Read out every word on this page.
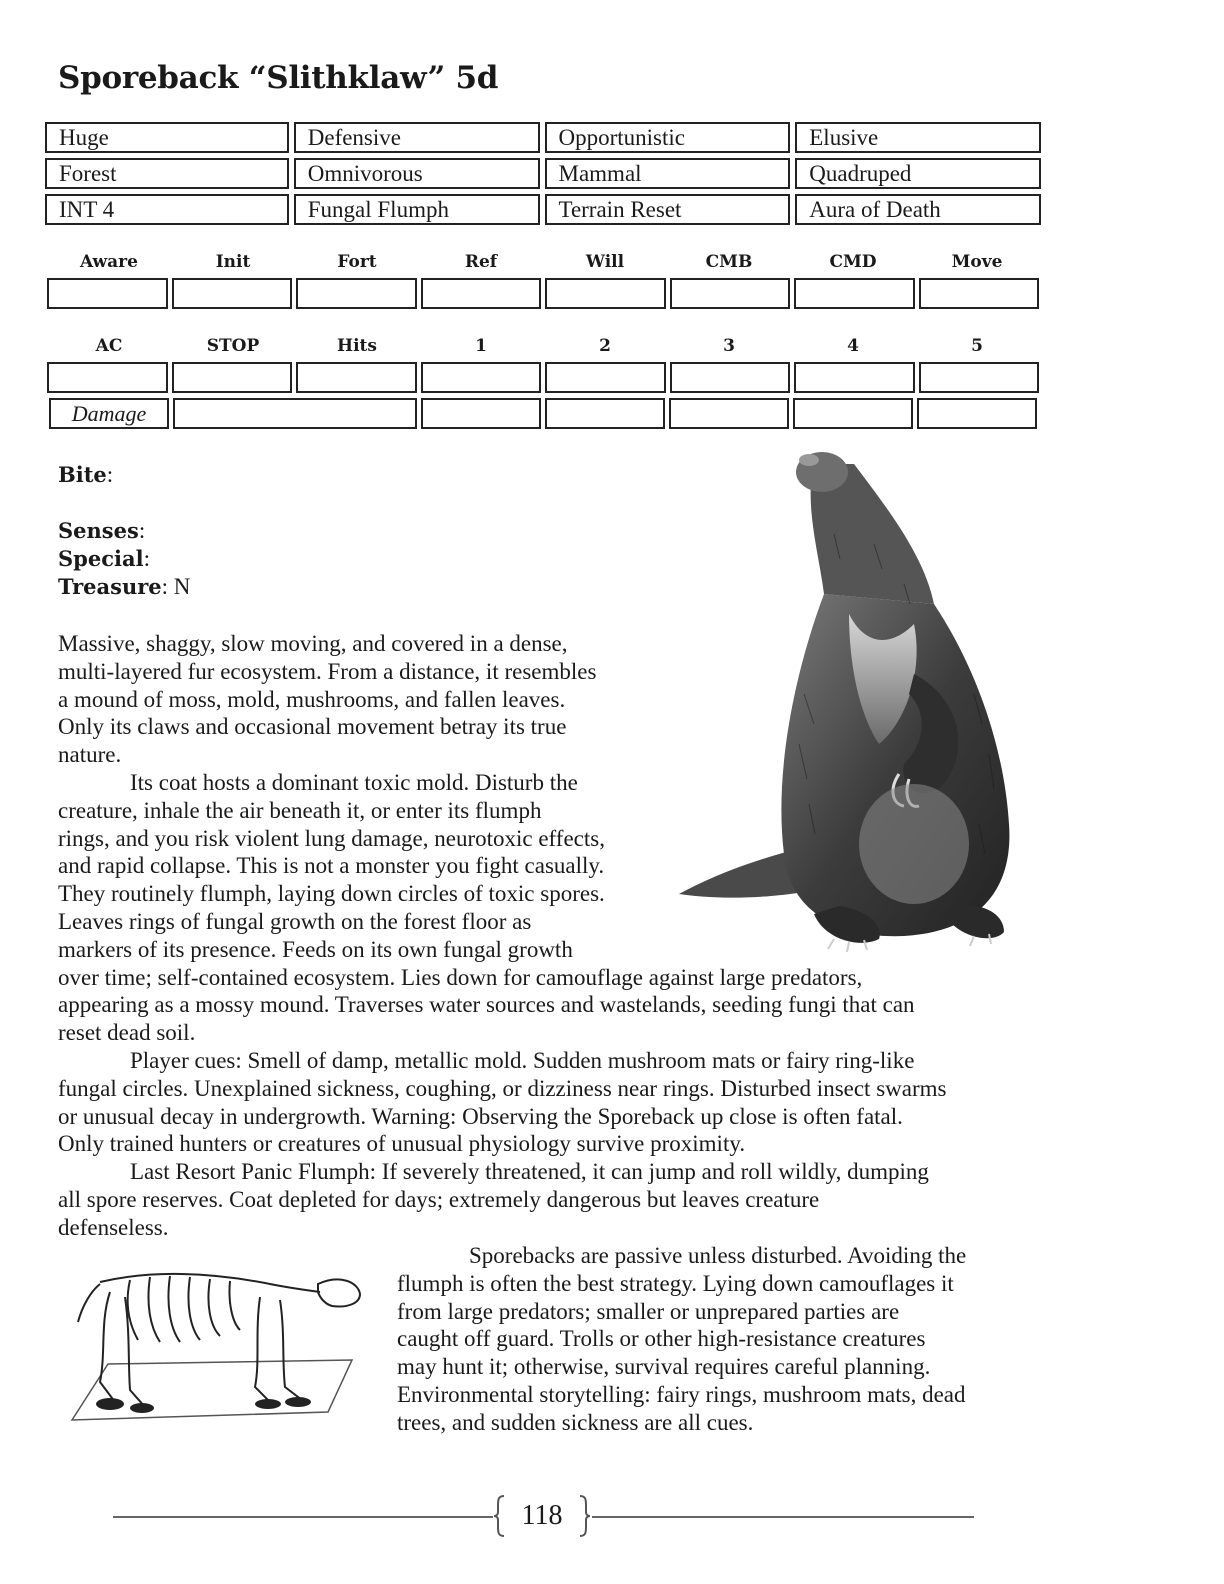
Sporeback “Slithklaw” 5d
Huge	Defensive	Opportunistic	Elusive
Forest	Omnivorous	Mammal	Quadruped
INT 4	Fungal Flumph	Terrain Reset	Aura of Death
Aware	Init	Fort	Ref	Will	CMB	CMD	Move
AC	STOP	Hits	1	2	3	4	5
Damage
Bite:
Senses:
Special:
Treasure: N
Massive, shaggy, slow moving, and covered in a dense,
multi-layered fur ecosystem. From a distance, it resembles
a mound of moss, mold, mushrooms, and fallen leaves.
Only its claws and occasional movement betray its true
nature.
Its coat hosts a dominant toxic mold. Disturb the
creature, inhale the air beneath it, or enter its flumph
rings, and you risk violent lung damage, neurotoxic effects,
and rapid collapse. This is not a monster you fight casually.
They routinely flumph, laying down circles of toxic spores.
Leaves rings of fungal growth on the forest floor as
markers of its presence. Feeds on its own fungal growth
over time; self-contained ecosystem. Lies down for camouflage against large predators,
appearing as a mossy mound. Traverses water sources and wastelands, seeding fungi that can
reset dead soil.
Player cues: Smell of damp, metallic mold. Sudden mushroom mats or fairy ring-like
fungal circles. Unexplained sickness, coughing, or dizziness near rings. Disturbed insect swarms
or unusual decay in undergrowth. Warning: Observing the Sporeback up close is often fatal.
Only trained hunters or creatures of unusual physiology survive proximity.
Last Resort Panic Flumph: If severely threatened, it can jump and roll wildly, dumping
all spore reserves. Coat depleted for days; extremely dangerous but leaves creature
defenseless.
Sporebacks are passive unless disturbed. Avoiding the
flumph is often the best strategy. Lying down camouflages it
from large predators; smaller or unprepared parties are
caught off guard. Trolls or other high-resistance creatures
may hunt it; otherwise, survival requires careful planning.
Environmental storytelling: fairy rings, mushroom mats, dead
trees, and sudden sickness are all cues.
118
